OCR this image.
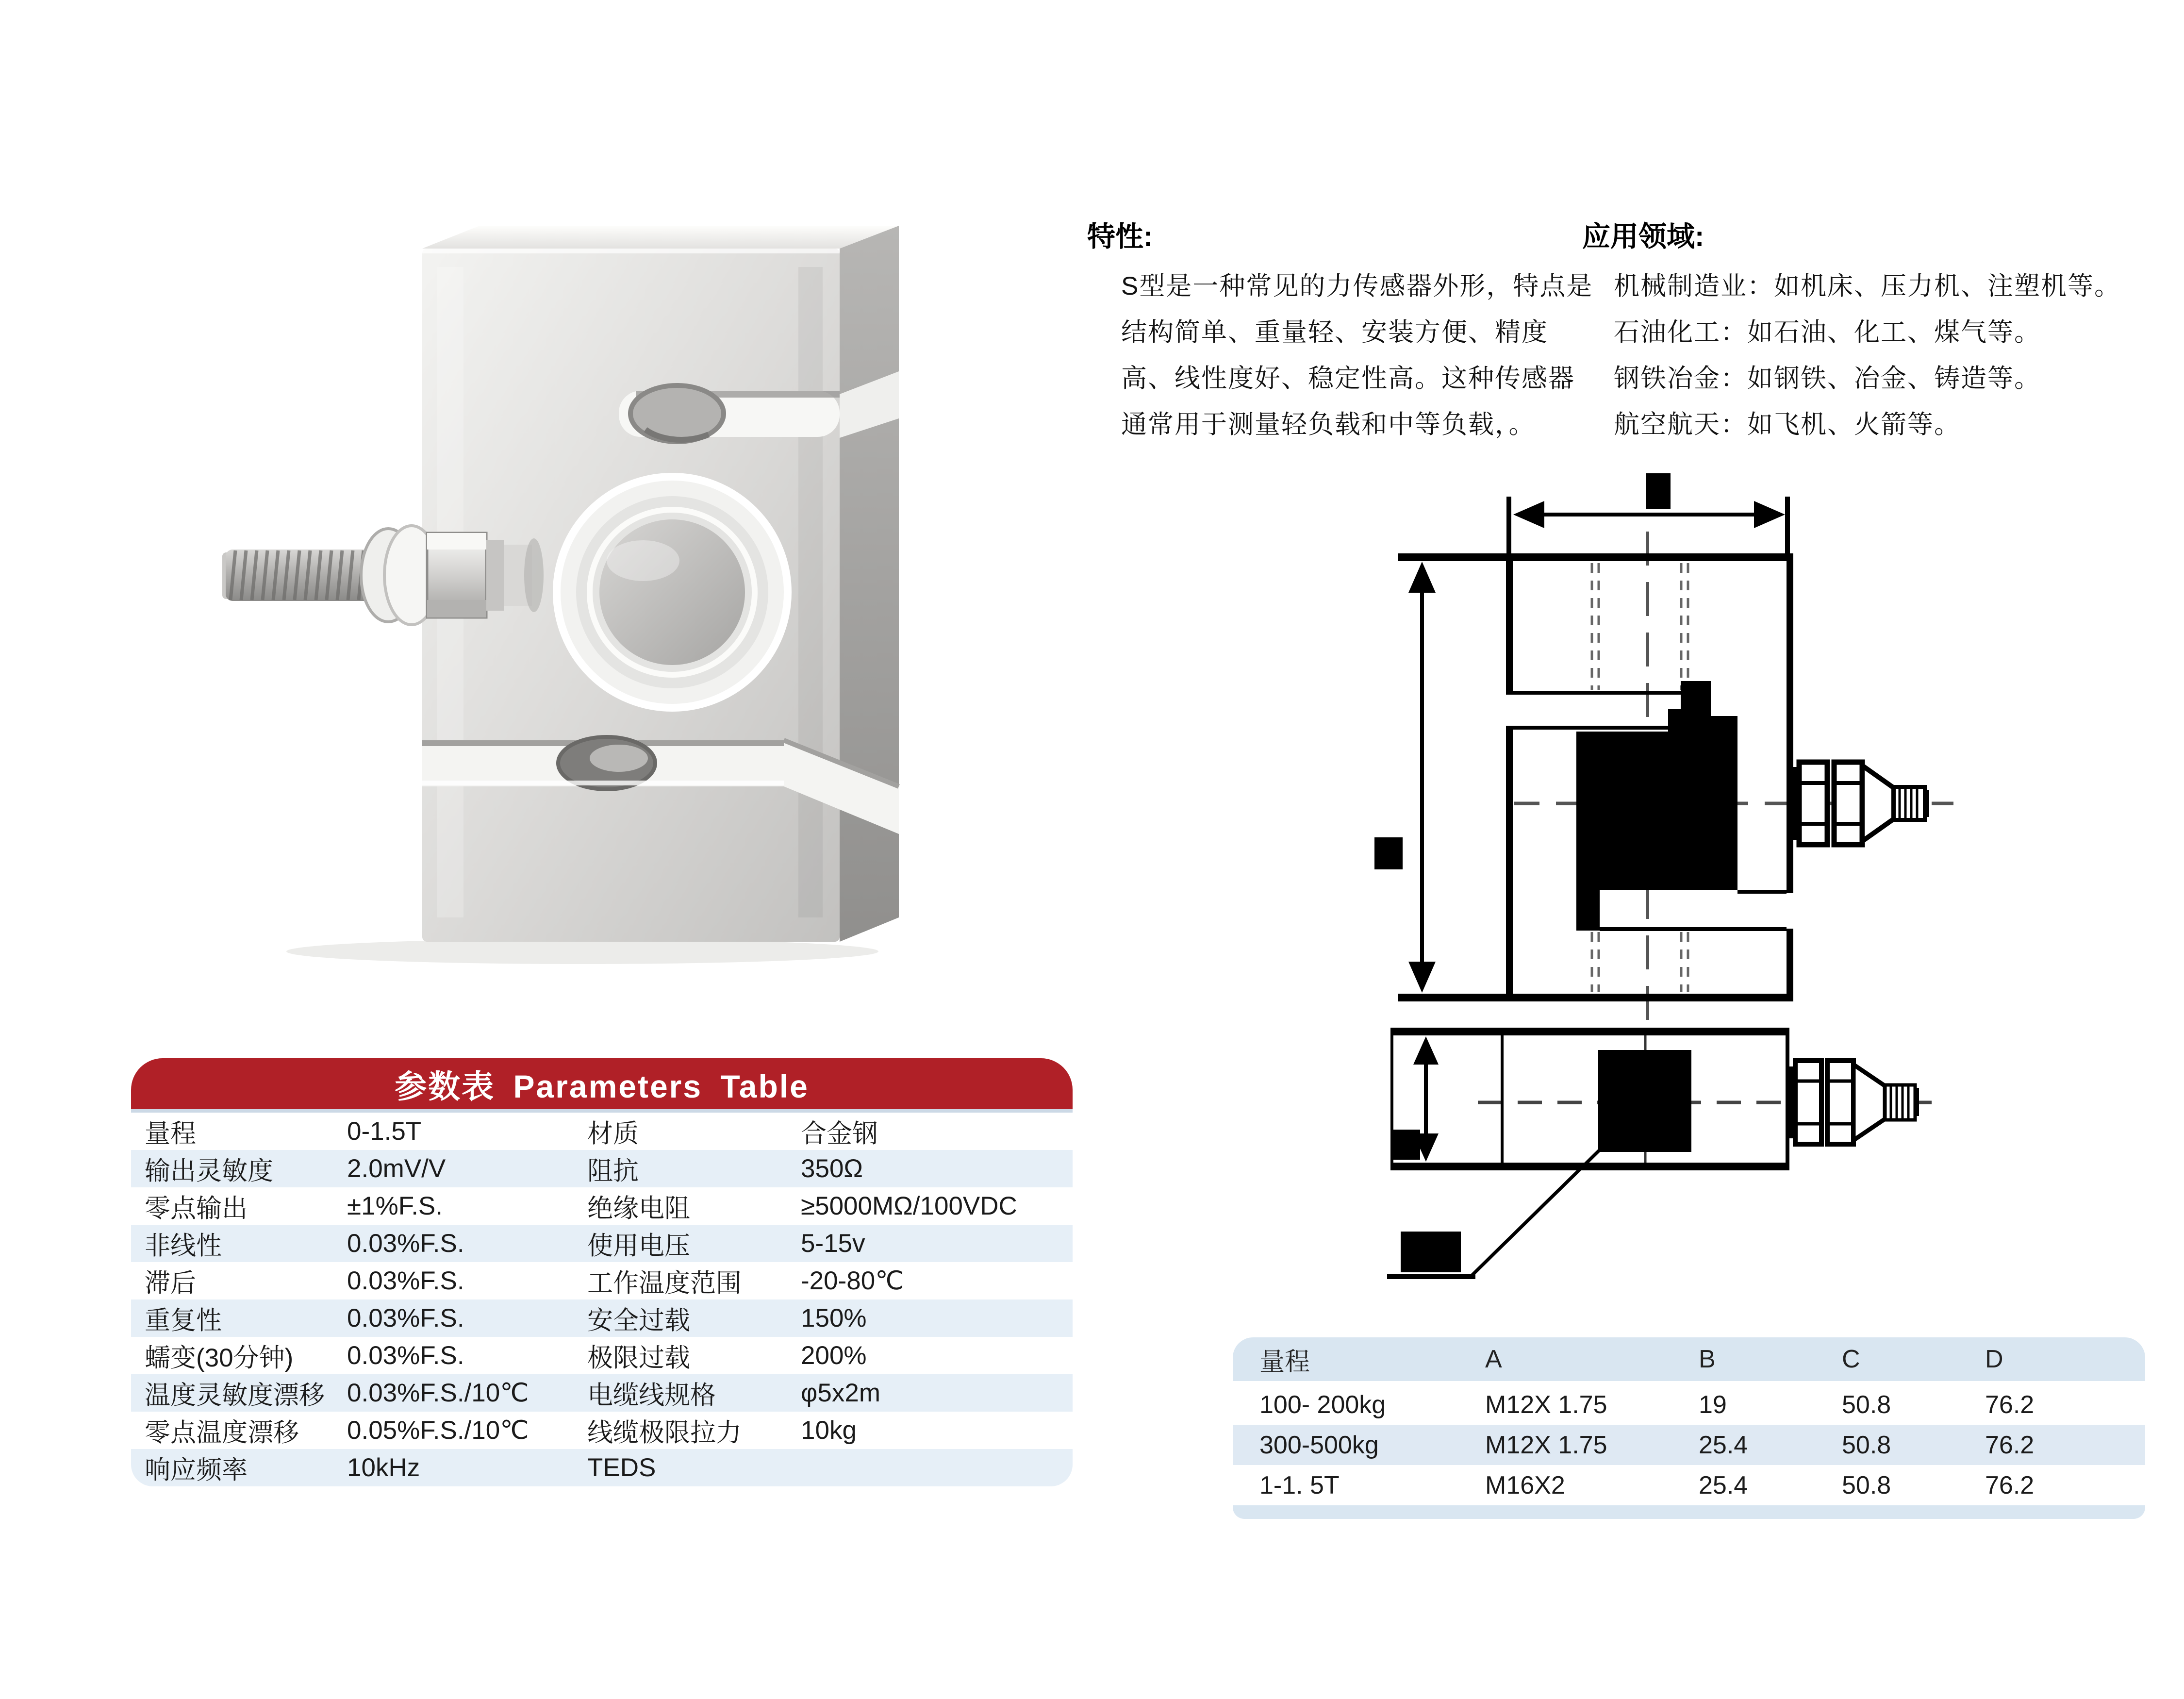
特性:
S型是一种常见的力传感器外形，特点是
结构简单、重量轻、安装方便、精度
高、线性度好、稳定性高。这种传感器
通常用于测量轻负载和中等负载，。
应用领域:
机械制造业：如机床、压力机、注塑机等。
石油化工：如石油、化工、煤气等。
钢铁冶金：如钢铁、冶金、铸造等。
航空航天：如飞机、火箭等。
参数表 Parameters Table
量程	0-1.5T	材质	合金钢
输出灵敏度	2.0mV/V	阻抗	350Ω
零点输出	±1%F.S.	绝缘电阻	≥5000MΩ/100VDC
非线性	0.03%F.S.	使用电压	5-15v
滞后	0.03%F.S.	工作温度范围	-20-80℃
重复性	0.03%F.S.	安全过载	150%
蠕变(30分钟)	0.03%F.S.	极限过载	200%
温度灵敏度漂移 0.03%F.S./10℃	电缆线规格	φ5x2m
零点温度漂移	0.05%F.S./10℃	线缆极限拉力	10kg
响应频率	10kHz	TEDS
量程	A	B	C	D
100- 200kg	M12X 1.75	19	50.8	76.2
300-500kg	M12X 1.75	25.4	50.8	76.2
1-1. 5T	M16X2	25.4	50.8	76.2
